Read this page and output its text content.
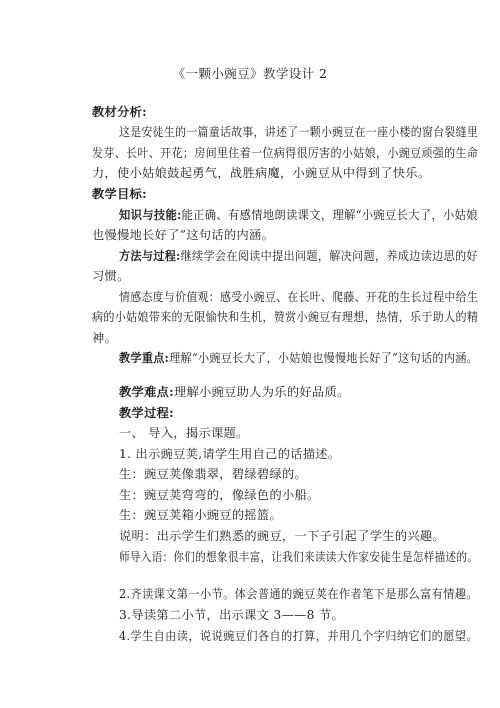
《一颗小豌豆》教学设计 2
教材分析:
这是安徒生的一篇童话故事，讲述了一颗小豌豆在一座小楼的窗台裂缝里
发芽、长叶、开花；房间里住着一位病得很厉害的小姑娘，小豌豆顽强的生命
力，使小姑娘鼓起勇气，战胜病魔，小豌豆从中得到了快乐。
教学目标:
知识与技能:能正确、有感情地朗读课文，理解“小豌豆长大了，小姑娘
也慢慢地长好了”这句话的内涵。
方法与过程:继续学会在阅读中提出问题，解决问题，养成边读边思的好
习惯。
情感态度与价值观：感受小豌豆、在长叶、爬藤、开花的生长过程中给生
病的小姑娘带来的无限愉快和生机，赞赏小豌豆有理想，热情，乐于助人的精
神。
教学重点:理解“小豌豆长大了，小姑娘也慢慢地长好了”这句话的内涵。
教学难点:理解小豌豆助人为乐的好品质。
教学过程:
一、 导入，揭示课题。
1. 出示豌豆荚,请学生用自己的话描述。
生：豌豆荚像翡翠，碧绿碧绿的。
生：豌豆荚弯弯的，像绿色的小船。
生：豌豆荚箱小豌豆的摇篮。
说明：出示学生们熟悉的豌豆，一下子引起了学生的兴趣。
师导入语：你们的想象很丰富，让我们来读读大作家安徒生是怎样描述的。
2.齐读课文第一小节。体会普通的豌豆荚在作者笔下是那么富有情趣。
3.导读第二小节，出示课文 3——8 节。
4.学生自由读，说说豌豆们各自的打算，并用几个字归纳它们的愿望。
